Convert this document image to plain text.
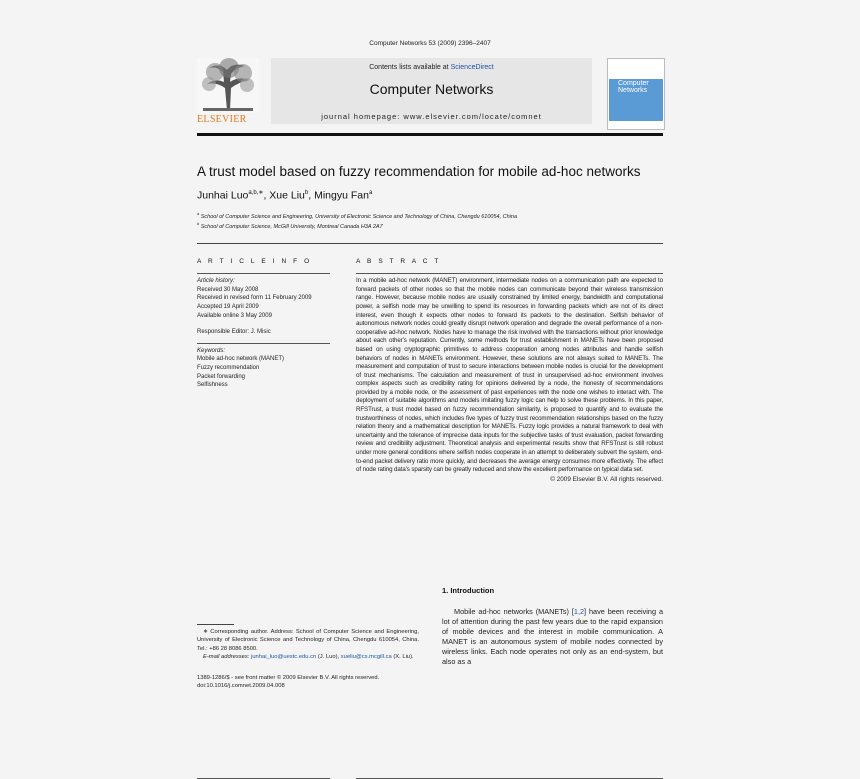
Computer Networks 53 (2009) 2396–2407
ELSEVIER
Contents lists available at ScienceDirect
Computer Networks
journal homepage: www.elsevier.com/locate/comnet
Computer
Networks
A trust model based on fuzzy recommendation for mobile ad-hoc networks
Junhai Luo$^{a,b,∗}$, Xue Liu$^b$, Mingyu Fan$^a$
$^a$ School of Computer Science and Engineering, University of Electronic Science and Technology of China, Chengdu 610054, China
$^b$ School of Computer Science, McGill University, Montreal Canada H3A 2A7
A R T I C L E I N F O
Article history:
Received 30 May 2008
Received in revised form 11 February 2009
Accepted 19 April 2009
Available online 3 May 2009
Responsible Editor: J. Misic
Keywords:
Mobile ad-hoc network (MANET)
Fuzzy recommendation
Packet forwarding
Selfishness
A B S T R A C T
In a mobile ad-hoc network (MANET) environment, intermediate nodes on a communication path are expected to forward packets of other nodes so that the mobile nodes can communicate beyond their wireless transmission range. However, because mobile nodes are usually constrained by limited energy, bandwidth and computational power, a selfish node may be unwilling to spend its resources in forwarding packets which are not of its direct interest, even though it expects other nodes to forward its packets to the destination. Selfish behavior of autonomous network nodes could greatly disrupt network operation and degrade the overall performance of a non-cooperative ad-hoc network. Nodes have to manage the risk involved with the transactions without prior knowledge about each other's reputation. Currently, some methods for trust establishment in MANETs have been proposed based on using cryptographic primitives to address cooperation among nodes attributes and handle selfish behaviors of nodes in MANETs environment. However, these solutions are not always suited to MANETs. The measurement and computation of trust to secure interactions between mobile nodes is crucial for the development of trust mechanisms. The calculation and measurement of trust in unsupervised ad-hoc environment involves complex aspects such as credibility rating for opinions delivered by a node, the honesty of recommendations provided by a mobile node, or the assessment of past experiences with the node one wishes to interact with. The deployment of suitable algorithms and models imitating fuzzy logic can help to solve these problems. In this paper, RFSTrust, a trust model based on fuzzy recommendation similarity, is proposed to quantify and to evaluate the trustworthiness of nodes, which includes five types of fuzzy trust recommendation relationships based on the fuzzy relation theory and a mathematical description for MANETs. Fuzzy logic provides a natural framework to deal with uncertainty and the tolerance of imprecise data inputs for the subjective tasks of trust evaluation, packet forwarding review and credibility adjustment. Theoretical analysis and experimental results show that RFSTrust is still robust under more general conditions where selfish nodes cooperate in an attempt to deliberately subvert the system, end-to-end packet delivery ratio more quickly, and decreases the average energy consumes more effectively. The effect of node rating data's sparsity can be greatly reduced and show the excellent performance on typical data set.
© 2009 Elsevier B.V. All rights reserved.
1. Introduction
Mobile ad-hoc networks (MANETs) [1,2] have been receiving a lot of attention during the past few years due to the rapid expansion of mobile devices and the interest in mobile communication. A MANET is an autonomous system of mobile nodes connected by wireless links. Each node operates not only as an end-system, but also as a
∗ Corresponding author. Address: School of Computer Science and Engineering, University of Electronic Science and Technology of China, Chengdu 610054, China. Tel.: +86 28 8086 8500.
E-mail addresses: junhai_luo@uestc.edu.cn (J. Luo), xueliu@cs.mcgill.ca (X. Liu).
1389-1286/$ - see front matter © 2009 Elsevier B.V. All rights reserved.
doi:10.1016/j.comnet.2009.04.008
